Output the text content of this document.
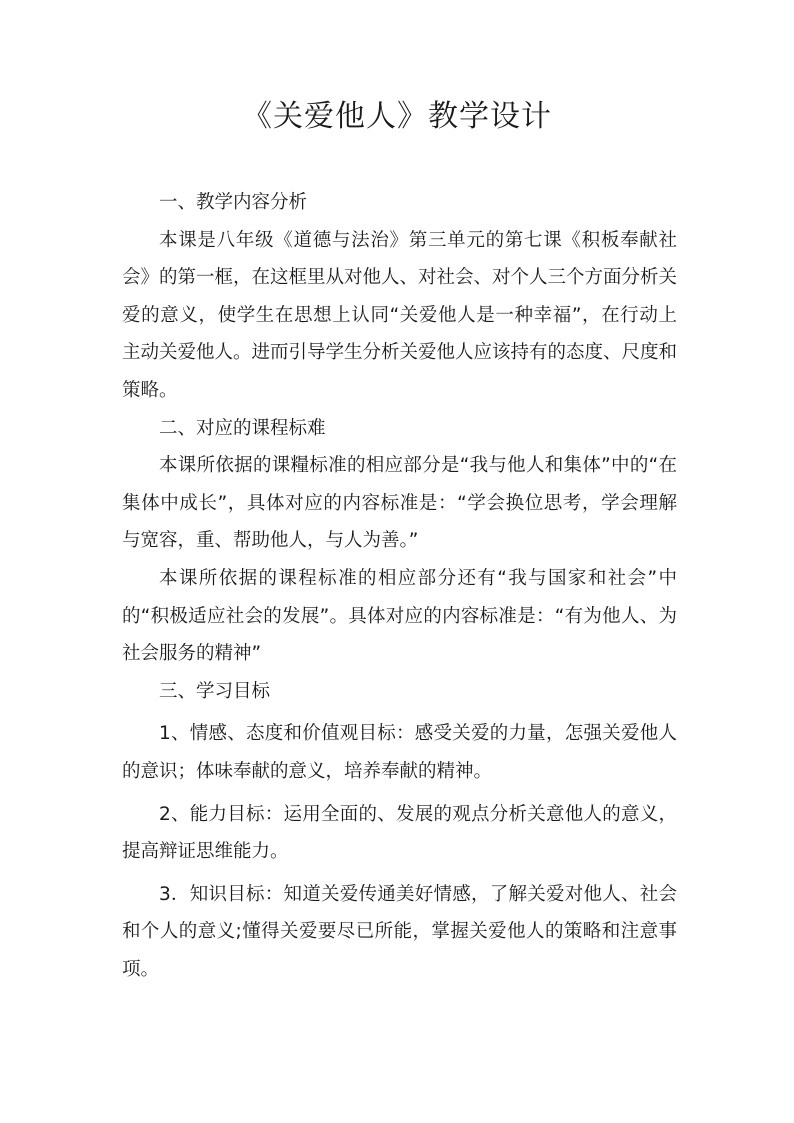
《关爱他人》教学设计

一、教学内容分析

本课是八年级《道德与法治》第三单元的第七课《积板奉献社会》的第一框，在这框里从对他人、对社会、对个人三个方面分析关爱的意义，使学生在思想上认同“关爱他人是一种幸福”，在行动上主动关爱他人。进而引导学生分析关爱他人应该持有的态度、尺度和策略。

二、对应的课程标难

本课所依据的课糧标准的相应部分是“我与他人和集体”中的“在集体中成长”，具体对应的内容标准是：“学会换位思考，学会理解与宽容，重、帮助他人，与人为善。”

本课所依据的课程标准的相应部分还有“我与国家和社会”中的“积极适应社会的发展”。具体对应的内容标准是：“有为他人、为社会服务的精神”

三、学习目标

1、情感、态度和价值观目标：感受关爱的力量，怎强关爱他人的意识；体味奉献的意义，培养奉献的精神。

2、能力目标：运用全面的、发展的观点分析关意他人的意义，提高辩证思维能力。

3．知识目标：知道关爱传通美好情感，了解关爱对他人、社会和个人的意义;懂得关爱要尽已所能，掌握关爱他人的策略和注意事项。
